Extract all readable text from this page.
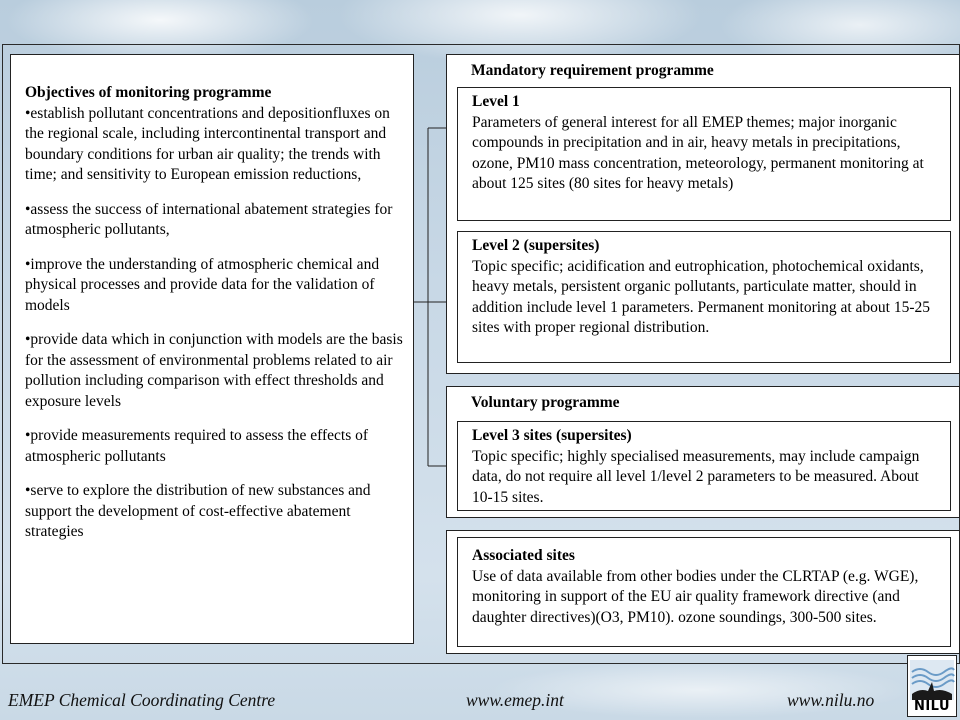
Objectives of monitoring programme
•establish pollutant concentrations and depositionfluxes on the regional scale, including intercontinental transport and boundary conditions for urban air quality; the trends with time; and sensitivity to European emission reductions,
•assess the success of international abatement strategies for atmospheric pollutants,
•improve the understanding of atmospheric chemical and physical processes and provide data for the validation of models
•provide data which in conjunction with models are the basis for the assessment of environmental problems related to air pollution including comparison with effect thresholds and exposure levels
•provide measurements required to assess the effects of atmospheric pollutants
•serve to explore the distribution of new substances and support the development of cost-effective abatement strategies
Mandatory requirement programme
Level 1
Parameters of general interest for all EMEP themes; major inorganic compounds in precipitation and in air, heavy metals in precipitations, ozone, PM10 mass concentration, meteorology, permanent monitoring at about 125 sites (80 sites for heavy metals)
Level 2 (supersites)
Topic specific; acidification and eutrophication, photochemical oxidants, heavy metals, persistent organic pollutants, particulate matter, should in addition include level 1 parameters. Permanent monitoring at about 15-25 sites with proper regional distribution.
Voluntary programme
Level 3 sites (supersites)
Topic specific; highly specialised measurements, may include campaign data, do not require all level 1/level 2 parameters to be measured. About 10-15 sites.
Associated sites
Use of data available from other bodies under the CLRTAP (e.g. WGE), monitoring in support of the EU air quality framework directive (and daughter directives)(O3, PM10). ozone soundings, 300-500 sites.
EMEP Chemical Coordinating Centre	www.emep.int	www.nilu.no	NILU
